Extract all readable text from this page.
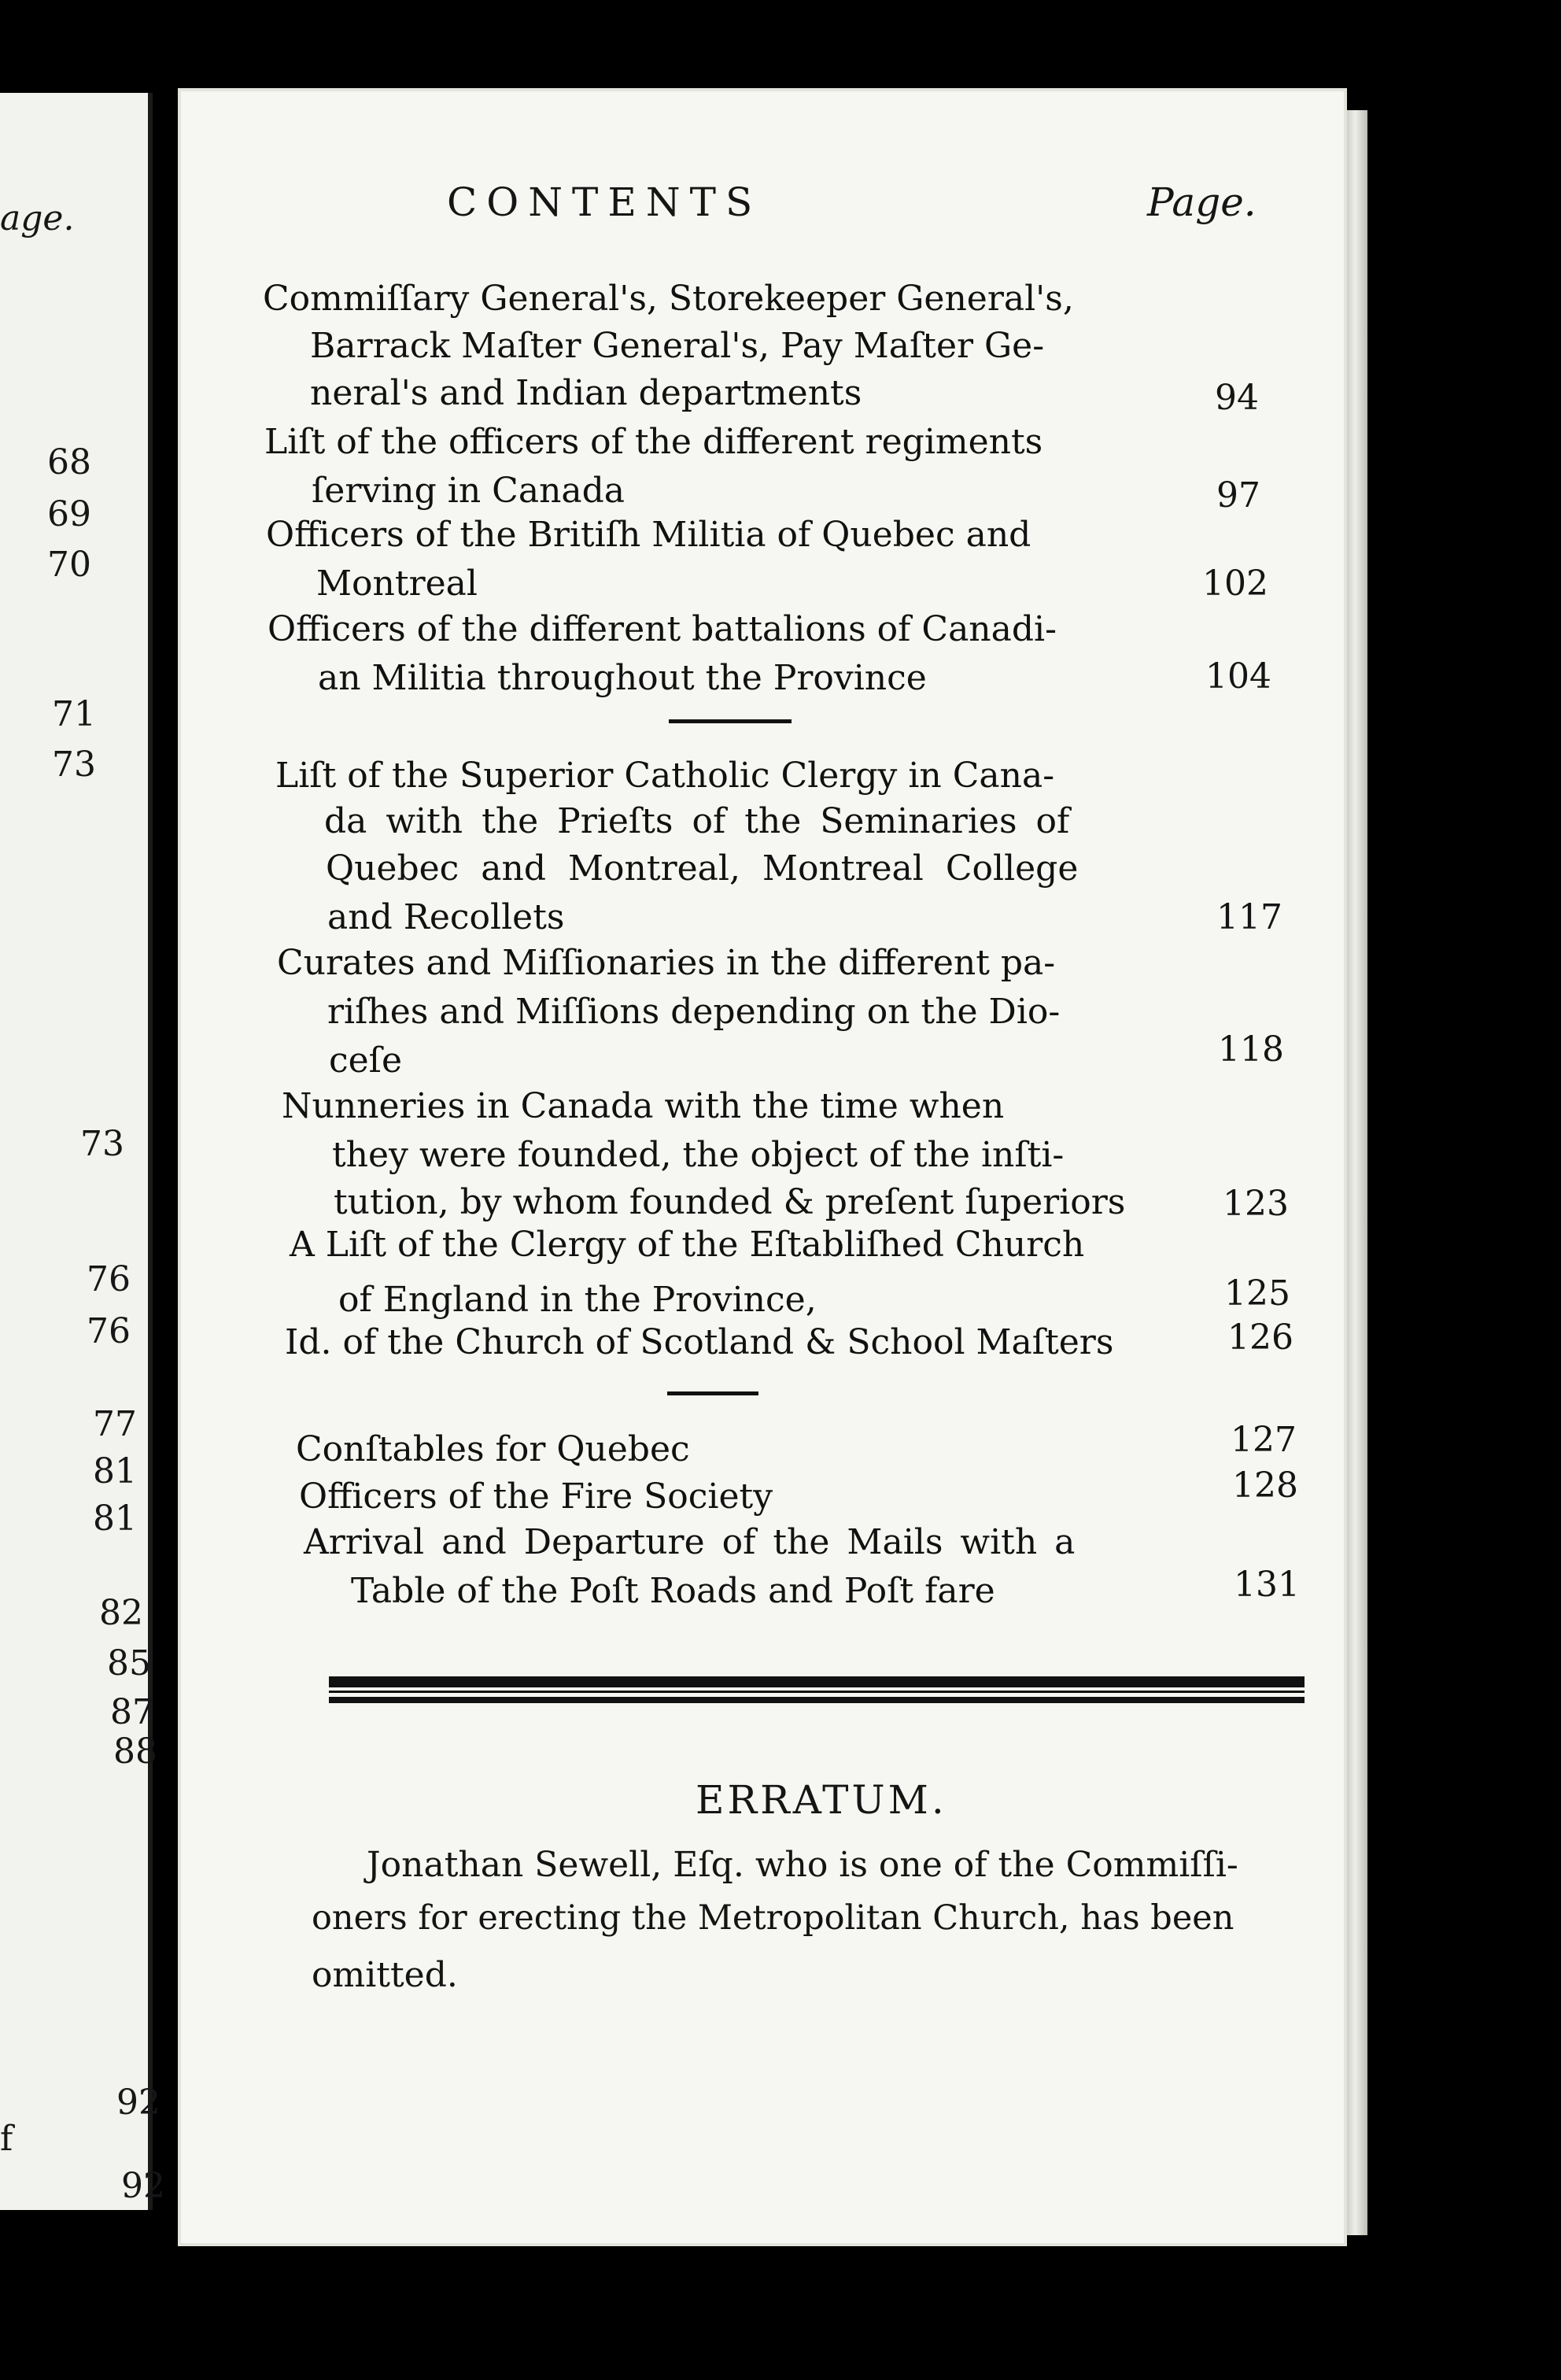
age.
68
69
70
71
73
73
76
76
77
81
81
82
85
87
88
92
92
f
CONTENTS	Page.
Commiſſary General's, Storekeeper General's,
Barrack Maſter General's, Pay Maſter Ge-
neral's and Indian departments	94
Liſt of the officers of the different regiments
ſerving in Canada	97
Officers of the Britiſh Militia of Quebec and
Montreal	102
Officers of the different battalions of Canadi-
an Militia throughout the Province	104
Liſt of the Superior Catholic Clergy in Cana-
da with the Prieſts of the Seminaries of
Quebec and Montreal, Montreal College
and Recollets	117
Curates and Miſſionaries in the different pa-
riſhes and Miſſions depending on the Dio-
ceſe	118
Nunneries in Canada with the time when
they were founded, the object of the inſti-
tution, by whom founded & preſent ſuperiors	123
A Liſt of the Clergy of the Eſtabliſhed Church
of England in the Province,	125
Id. of the Church of Scotland & School Maſters	126
Conſtables for Quebec	127
Officers of the Fire Society	128
Arrival and Departure of the Mails with a
Table of the Poſt Roads and Poſt fare	131
ERRATUM.
Jonathan Sewell, Eſq. who is one of the Commiſſi-
oners for erecting the Metropolitan Church, has been
omitted.
